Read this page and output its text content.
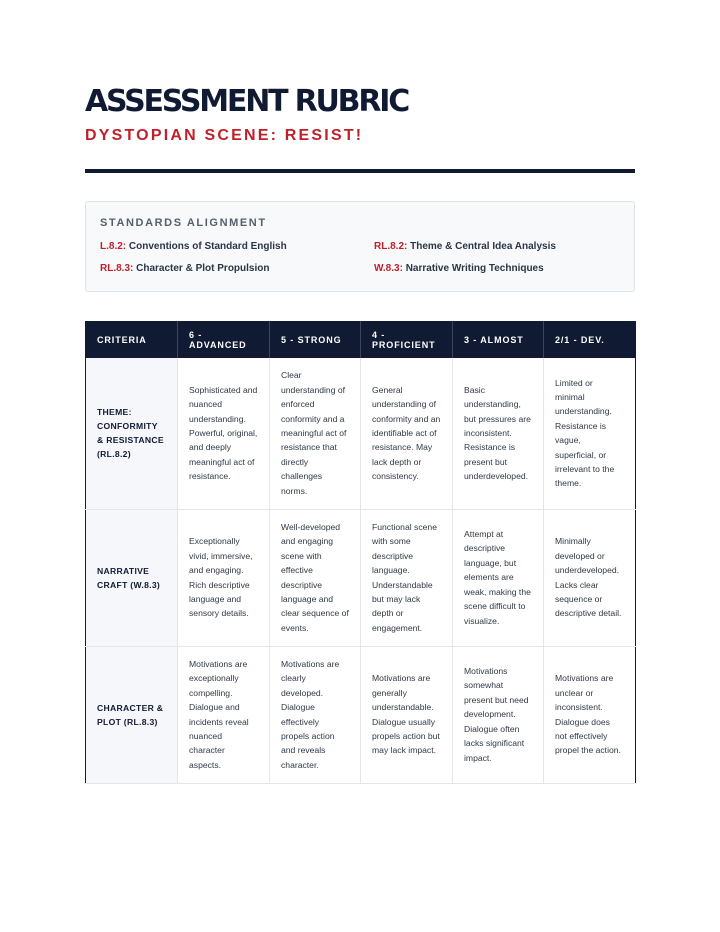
ASSESSMENT RUBRIC
DYSTOPIAN SCENE: RESIST!
STANDARDS ALIGNMENT
L.8.2: Conventions of Standard English	RL.8.2: Theme & Central Idea Analysis
RL.8.3: Character & Plot Propulsion	W.8.3: Narrative Writing Techniques
CRITERIA	6 - ADVANCED	5 - STRONG	4 - PROFICIENT	3 - ALMOST	2/1 - DEV.
THEME: CONFORMITY & RESISTANCE (RL.8.2)	Sophisticated and nuanced understanding. Powerful, original, and deeply meaningful act of resistance.	Clear understanding of enforced conformity and a meaningful act of resistance that directly challenges norms.	General understanding of conformity and an identifiable act of resistance. May lack depth or consistency.	Basic understanding, but pressures are inconsistent. Resistance is present but underdeveloped.	Limited or minimal understanding. Resistance is vague, superficial, or irrelevant to the theme.
NARRATIVE CRAFT (W.8.3)	Exceptionally vivid, immersive, and engaging. Rich descriptive language and sensory details.	Well-developed and engaging scene with effective descriptive language and clear sequence of events.	Functional scene with some descriptive language. Understandable but may lack depth or engagement.	Attempt at descriptive language, but elements are weak, making the scene difficult to visualize.	Minimally developed or underdeveloped. Lacks clear sequence or descriptive detail.
CHARACTER & PLOT (RL.8.3)	Motivations are exceptionally compelling. Dialogue and incidents reveal nuanced character aspects.	Motivations are clearly developed. Dialogue effectively propels action and reveals character.	Motivations are generally understandable. Dialogue usually propels action but may lack impact.	Motivations somewhat present but need development. Dialogue often lacks significant impact.	Motivations are unclear or inconsistent. Dialogue does not effectively propel the action.
